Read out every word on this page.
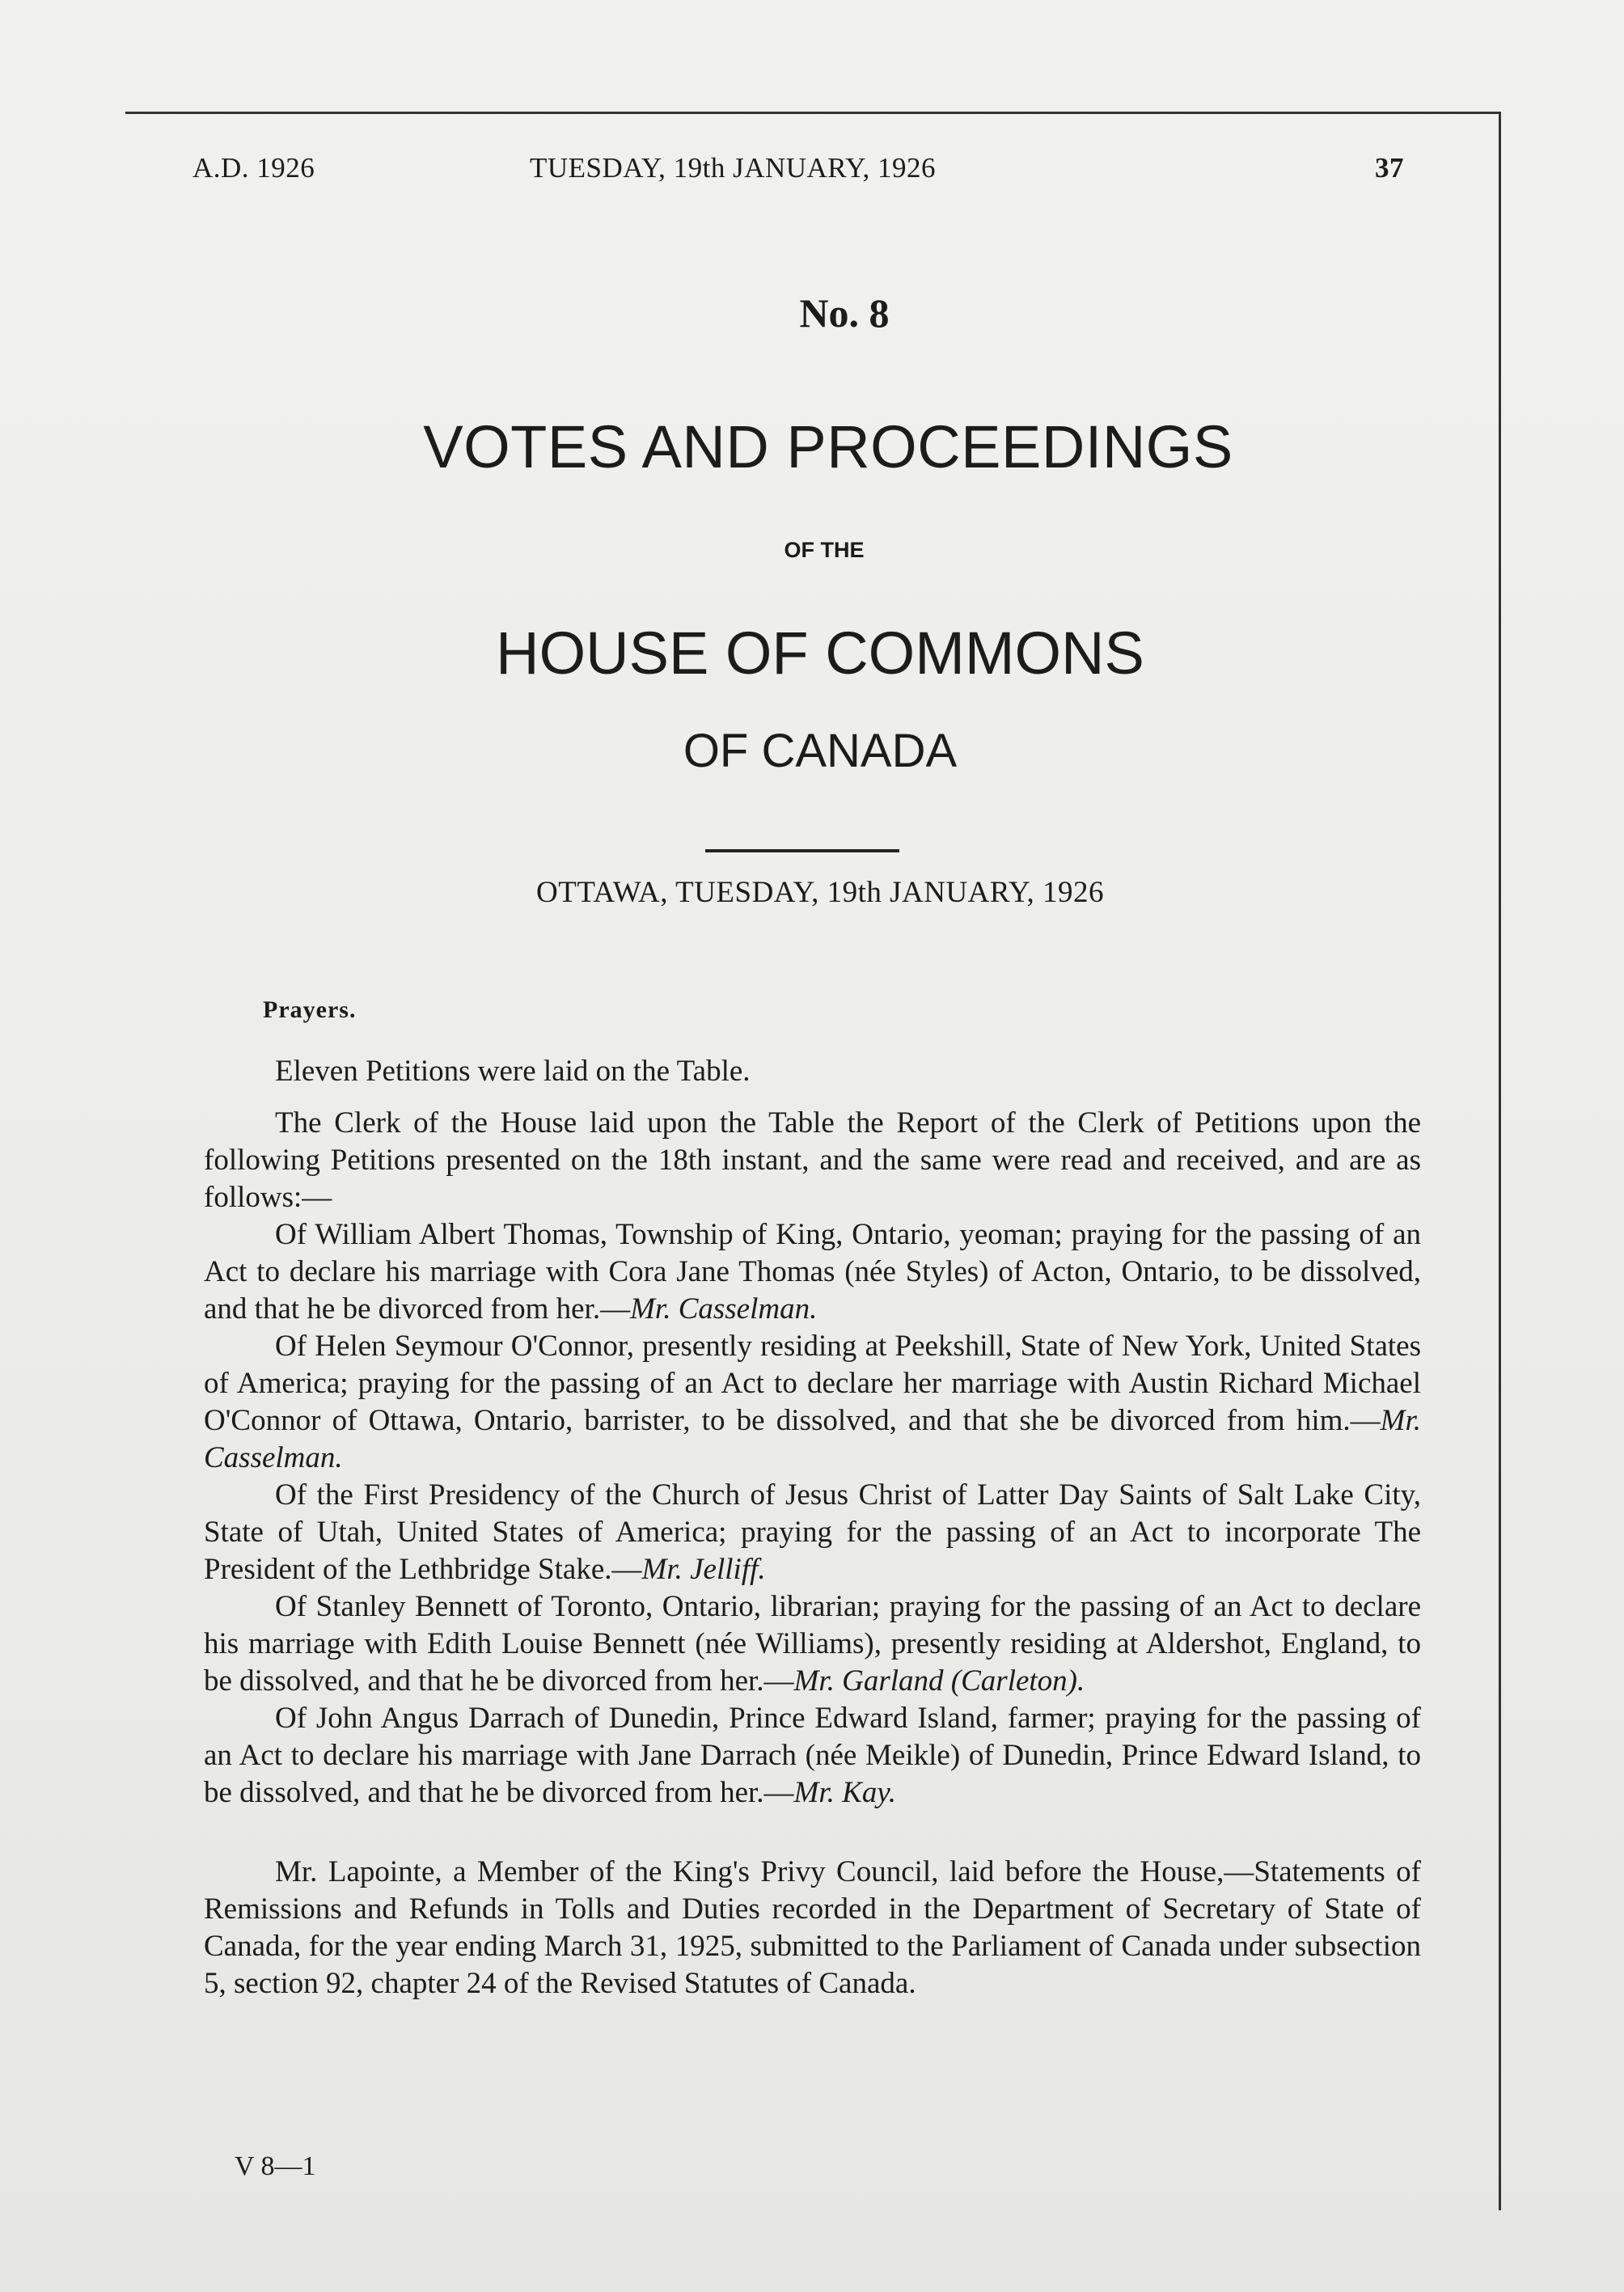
A.D. 1926	TUESDAY, 19th JANUARY, 1926	37
No. 8
VOTES AND PROCEEDINGS
OF THE
HOUSE OF COMMONS
OF CANADA
OTTAWA, TUESDAY, 19th JANUARY, 1926
Prayers.

Eleven Petitions were laid on the Table.

The Clerk of the House laid upon the Table the Report of the Clerk of Petitions upon the following Petitions presented on the 18th instant, and the same were read and received, and are as follows:—

Of William Albert Thomas, Township of King, Ontario, yeoman; praying for the passing of an Act to declare his marriage with Cora Jane Thomas (née Styles) of Acton, Ontario, to be dissolved, and that he be divorced from her.—Mr. Casselman.

Of Helen Seymour O'Connor, presently residing at Peekshill, State of New York, United States of America; praying for the passing of an Act to declare her marriage with Austin Richard Michael O'Connor of Ottawa, Ontario, barrister, to be dissolved, and that she be divorced from him.—Mr. Casselman.

Of the First Presidency of the Church of Jesus Christ of Latter Day Saints of Salt Lake City, State of Utah, United States of America; praying for the passing of an Act to incorporate The President of the Lethbridge Stake.—Mr. Jelliff.

Of Stanley Bennett of Toronto, Ontario, librarian; praying for the passing of an Act to declare his marriage with Edith Louise Bennett (née Williams), presently residing at Aldershot, England, to be dissolved, and that he be divorced from her.—Mr. Garland (Carleton).

Of John Angus Darrach of Dunedin, Prince Edward Island, farmer; praying for the passing of an Act to declare his marriage with Jane Darrach (née Meikle) of Dunedin, Prince Edward Island, to be dissolved, and that he be divorced from her.—Mr. Kay.

Mr. Lapointe, a Member of the King's Privy Council, laid before the House,—Statements of Remissions and Refunds in Tolls and Duties recorded in the Department of Secretary of State of Canada, for the year ending March 31, 1925, submitted to the Parliament of Canada under subsection 5, section 92, chapter 24 of the Revised Statutes of Canada.

V 8—1
